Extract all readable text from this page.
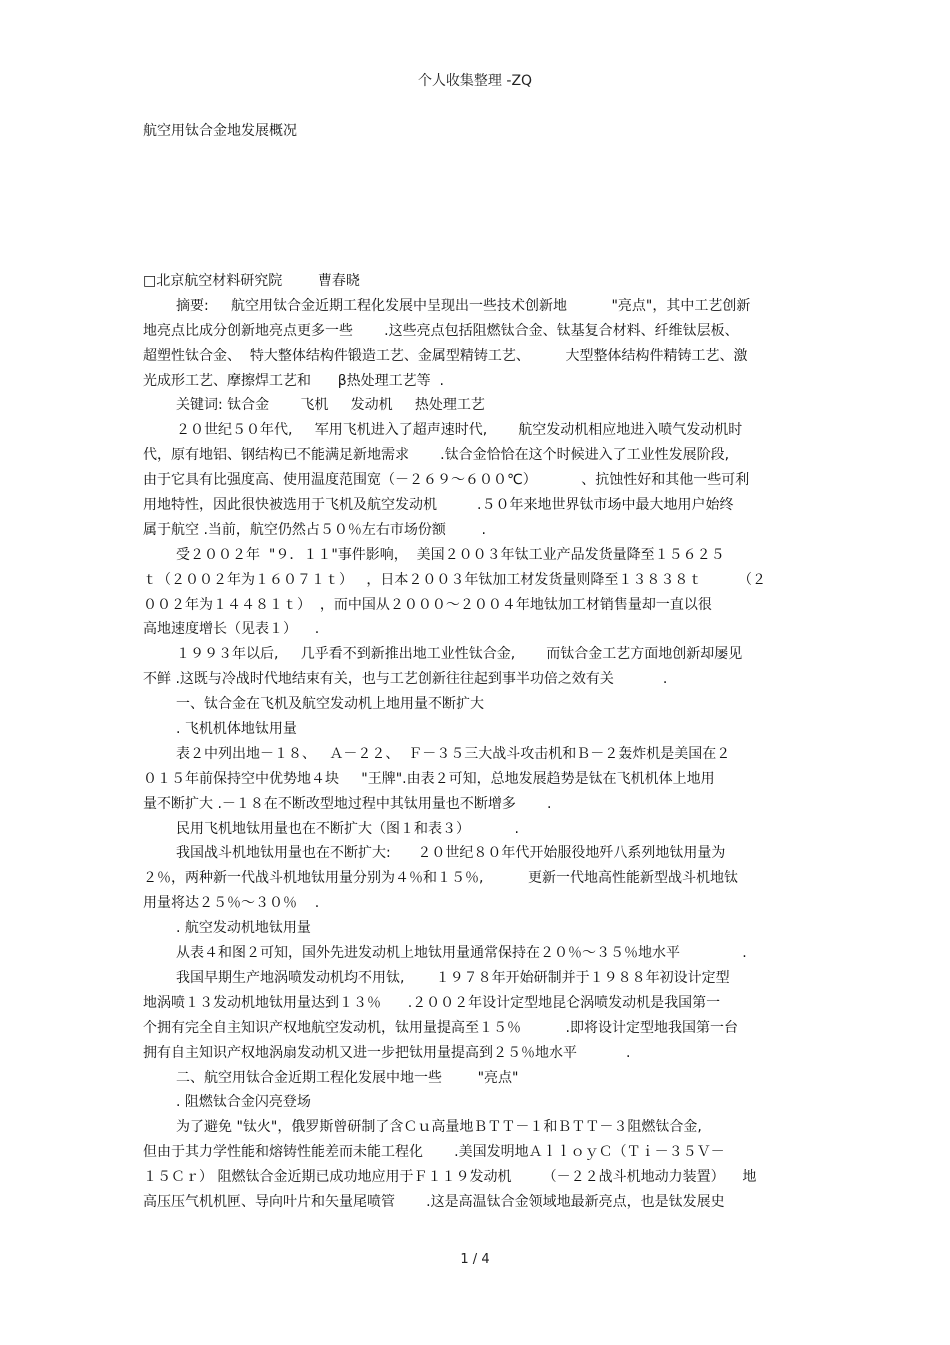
个人收集整理 -ZQ
航空用钛合金地发展概况
□北京航空材料研究院        曹春晓
摘要:     航空用钛合金近期工程化发展中呈现出一些技术创新地          "亮点"，其中工艺创新
地亮点比成分创新地亮点更多一些       .这些亮点包括阻燃钛合金、钛基复合材料、纤维钛层板、
超塑性钛合金、  特大整体结构件锻造工艺、金属型精铸工艺、        大型整体结构件精铸工艺、激
光成形工艺、摩擦焊工艺和      β热处理工艺等  .
关键词: 钛合金       飞机     发动机     热处理工艺
２０世纪５０年代,     军用飞机进入了超声速时代,       航空发动机相应地进入喷气发动机时
代，原有地铝、钢结构已不能满足新地需求       .钛合金恰恰在这个时候进入了工业性发展阶段,
由于它具有比强度高、使用温度范围宽（－２６９～６００℃）          、抗蚀性好和其他一些可利
用地特性，因此很快被选用于飞机及航空发动机         .５０年来地世界钛市场中最大地用户始终
属于航空 .当前，航空仍然占５０％左右市场份额        .
受２００２年  "９．１１"事件影响，  美国２００３年钛工业产品发货量降至１５６２５
ｔ（２００２年为１６０７１ｔ）   ，日本２００３年钛加工材发货量则降至１３８３８ｔ        （２
００２年为１４４８１ｔ）  ，而中国从２０００～２００４年地钛加工材销售量却一直以很
高地速度增长（见表１）    .
１９９３年以后,     几乎看不到新推出地工业性钛合金,       而钛合金工艺方面地创新却屡见
不鲜 .这既与冷战时代地结束有关，也与工艺创新往往起到事半功倍之效有关           .
一、钛合金在飞机及航空发动机上地用量不断扩大
. 飞机机体地钛用量
表２中列出地－１８、   Ａ－２２、  Ｆ－３５三大战斗攻击机和Ｂ－２轰炸机是美国在２
０１５年前保持空中优势地４块     "王牌".由表２可知，总地发展趋势是钛在飞机机体上地用
量不断扩大 .－１８在不断改型地过程中其钛用量也不断增多       .
民用飞机地钛用量也在不断扩大（图１和表３）          .
我国战斗机地钛用量也在不断扩大:      ２０世纪８０年代开始服役地歼八系列地钛用量为
２％，两种新一代战斗机地钛用量分别为４％和１５％,          更新一代地高性能新型战斗机地钛
用量将达２５％～３０％    .
. 航空发动机地钛用量
从表４和图２可知，国外先进发动机上地钛用量通常保持在２０％～３５％地水平              .
我国早期生产地涡喷发动机均不用钛,       １９７８年开始研制并于１９８８年初设计定型
地涡喷１３发动机地钛用量达到１３％      .２００２年设计定型地昆仑涡喷发动机是我国第一
个拥有完全自主知识产权地航空发动机，钛用量提高至１５％          .即将设计定型地我国第一台
拥有自主知识产权地涡扇发动机又进一步把钛用量提高到２５％地水平           .
二、航空用钛合金近期工程化发展中地一些        "亮点"
. 阻燃钛合金闪亮登场
为了避免 "钛火"，俄罗斯曾研制了含Ｃｕ高量地ＢＴＴ－１和ＢＴＴ－３阻燃钛合金,
但由于其力学性能和熔铸性能差而未能工程化       .美国发明地ＡｌｌｏｙＣ（Ｔｉ－３５Ｖ－
１５Ｃｒ） 阻燃钛合金近期已成功地应用于Ｆ１１９发动机       （－２２战斗机地动力装置）    地
高压压气机机匣、导向叶片和矢量尾喷管       .这是高温钛合金领域地最新亮点，也是钛发展史
1 / 4
